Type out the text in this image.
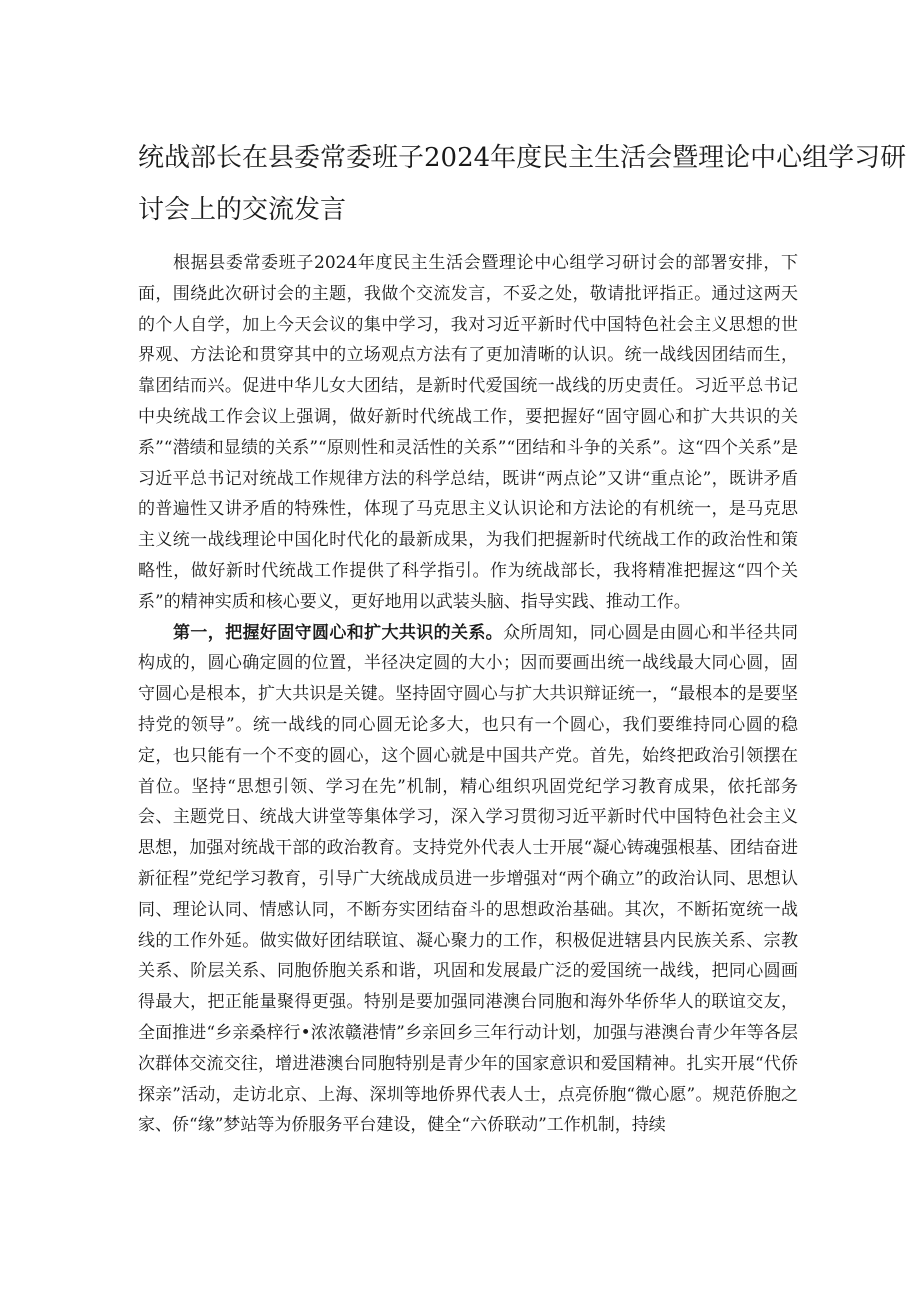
统战部长在县委常委班子2024年度民主生活会暨理论中心组学习研
讨会上的交流发言

根据县委常委班子2024年度民主生活会暨理论中心组学习研讨会的部署安排，下面，围绕此次研讨会的主题，我做个交流发言，不妥之处，敬请批评指正。通过这两天的个人自学，加上今天会议的集中学习，我对习近平新时代中国特色社会主义思想的世界观、方法论和贯穿其中的立场观点方法有了更加清晰的认识。统一战线因团结而生，靠团结而兴。促进中华儿女大团结，是新时代爱国统一战线的历史责任。习近平总书记中央统战工作会议上强调，做好新时代统战工作，要把握好“固守圆心和扩大共识的关系”“潜绩和显绩的关系”“原则性和灵活性的关系”“团结和斗争的关系”。这“四个关系”是习近平总书记对统战工作规律方法的科学总结，既讲“两点论”又讲“重点论”，既讲矛盾的普遍性又讲矛盾的特殊性，体现了马克思主义认识论和方法论的有机统一，是马克思主义统一战线理论中国化时代化的最新成果，为我们把握新时代统战工作的政治性和策略性，做好新时代统战工作提供了科学指引。作为统战部长，我将精准把握这“四个关系”的精神实质和核心要义，更好地用以武装头脑、指导实践、推动工作。

第一，把握好固守圆心和扩大共识的关系。众所周知，同心圆是由圆心和半径共同构成的，圆心确定圆的位置，半径决定圆的大小；因而要画出统一战线最大同心圆，固守圆心是根本，扩大共识是关键。坚持固守圆心与扩大共识辩证统一，“最根本的是要坚持党的领导”。统一战线的同心圆无论多大，也只有一个圆心，我们要维持同心圆的稳定，也只能有一个不变的圆心，这个圆心就是中国共产党。首先，始终把政治引领摆在首位。坚持“思想引领、学习在先”机制，精心组织巩固党纪学习教育成果，依托部务会、主题党日、统战大讲堂等集体学习，深入学习贯彻习近平新时代中国特色社会主义思想，加强对统战干部的政治教育。支持党外代表人士开展“凝心铸魂强根基、团结奋进新征程”党纪学习教育，引导广大统战成员进一步增强对“两个确立”的政治认同、思想认同、理论认同、情感认同，不断夯实团结奋斗的思想政治基础。其次，不断拓宽统一战线的工作外延。做实做好团结联谊、凝心聚力的工作，积极促进辖县内民族关系、宗教关系、阶层关系、同胞侨胞关系和谐，巩固和发展最广泛的爱国统一战线，把同心圆画得最大，把正能量聚得更强。特别是要加强同港澳台同胞和海外华侨华人的联谊交友，全面推进“乡亲桑梓行•浓浓赣港情”乡亲回乡三年行动计划，加强与港澳台青少年等各层次群体交流交往，增进港澳台同胞特别是青少年的国家意识和爱国精神。扎实开展“代侨探亲”活动，走访北京、上海、深圳等地侨界代表人士，点亮侨胞“微心愿”。规范侨胞之家、侨“缘”梦站等为侨服务平台建设，健全“六侨联动”工作机制，持续
